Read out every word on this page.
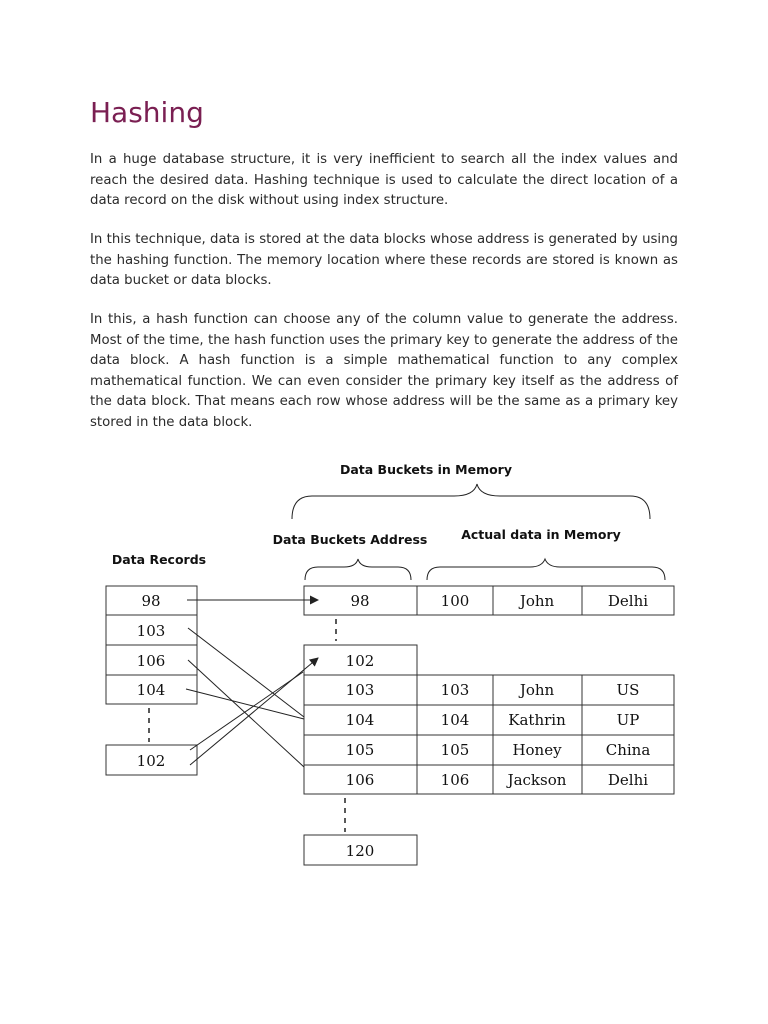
Hashing

In a huge database structure, it is very inefficient to search all the index values and reach the desired data. Hashing technique is used to calculate the direct location of a data record on the disk without using index structure.

In this technique, data is stored at the data blocks whose address is generated by using the hashing function. The memory location where these records are stored is known as data bucket or data blocks.

In this, a hash function can choose any of the column value to generate the address. Most of the time, the hash function uses the primary key to generate the address of the data block. A hash function is a simple mathematical function to any complex mathematical function. We can even consider the primary key itself as the address of the data block. That means each row whose address will be the same as a primary key stored in the data block.

Data Buckets in Memory
Data Buckets Address	Actual data in Memory
Data Records
98
103
106
104
102
98	100	John	Delhi
102
103	103	John	US
104	104	Kathrin	UP
105	105	Honey	China
106	106	Jackson	Delhi
120
